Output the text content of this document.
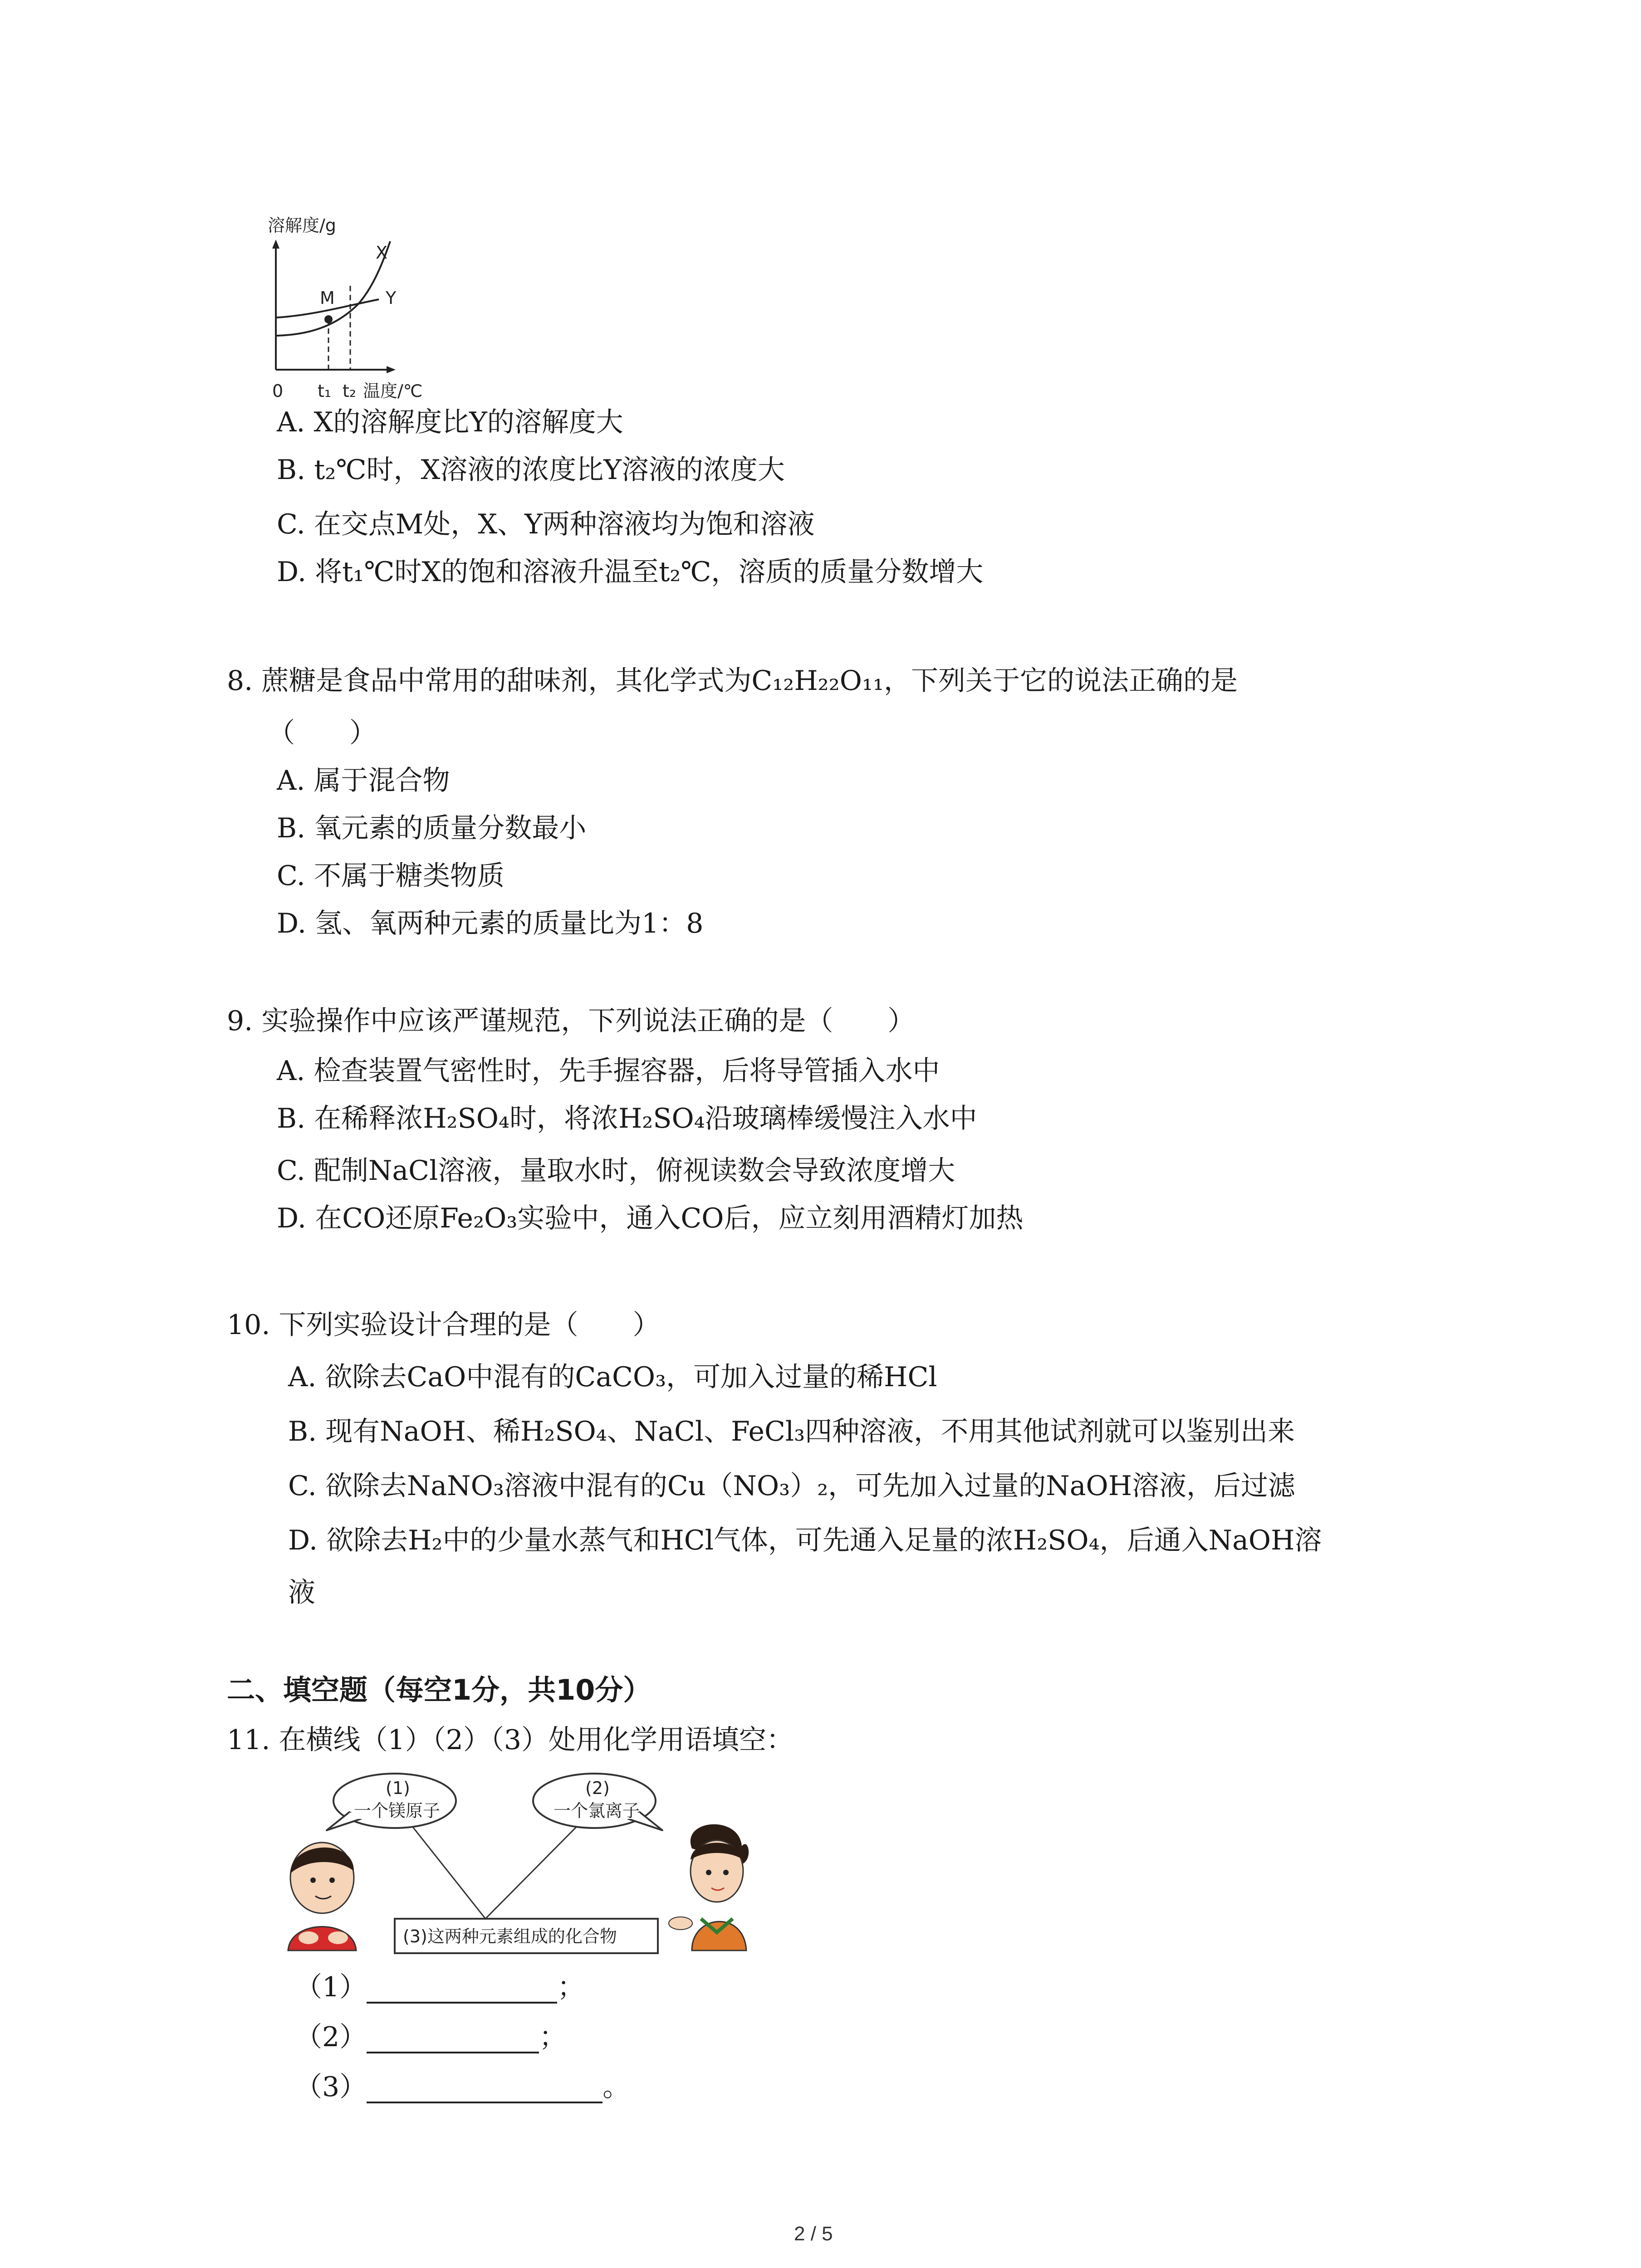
溶解度/g
M
X
Y
0 t₁ t₂ 温度/℃
A. X的溶解度比Y的溶解度大
B. t₂℃时，X溶液的浓度比Y溶液的浓度大
C. 在交点M处，X、Y两种溶液均为饱和溶液
D. 将t₁℃时X的饱和溶液升温至t₂℃，溶质的质量分数增大
8. 蔗糖是食品中常用的甜味剂，其化学式为C₁₂H₂₂O₁₁，下列关于它的说法正确的是
（　　）
A. 属于混合物
B. 氧元素的质量分数最小
C. 不属于糖类物质
D. 氢、氧两种元素的质量比为1：8
9. 实验操作中应该严谨规范，下列说法正确的是（　　）
A. 检查装置气密性时，先手握容器，后将导管插入水中
B. 在稀释浓H₂SO₄时，将浓H₂SO₄沿玻璃棒缓慢注入水中
C. 配制NaCl溶液，量取水时，俯视读数会导致浓度增大
D. 在CO还原Fe₂O₃实验中，通入CO后，应立刻用酒精灯加热
10. 下列实验设计合理的是（　　）
A. 欲除去CaO中混有的CaCO₃，可加入过量的稀HCl
B. 现有NaOH、稀H₂SO₄、NaCl、FeCl₃四种溶液，不用其他试剂就可以鉴别出来
C. 欲除去NaNO₃溶液中混有的Cu（NO₃）₂，可先加入过量的NaOH溶液，后过滤
D. 欲除去H₂中的少量水蒸气和HCl气体，可先通入足量的浓H₂SO₄，后通入NaOH溶
液
二、填空题（每空1分，共10分）
11. 在横线（1）（2）（3）处用化学用语填空：
(1)
一个镁原子
(2)
一个氯离子
(3)这两种元素组成的化合物
（1）	；
（2）	；
（3）	。
2 / 5
